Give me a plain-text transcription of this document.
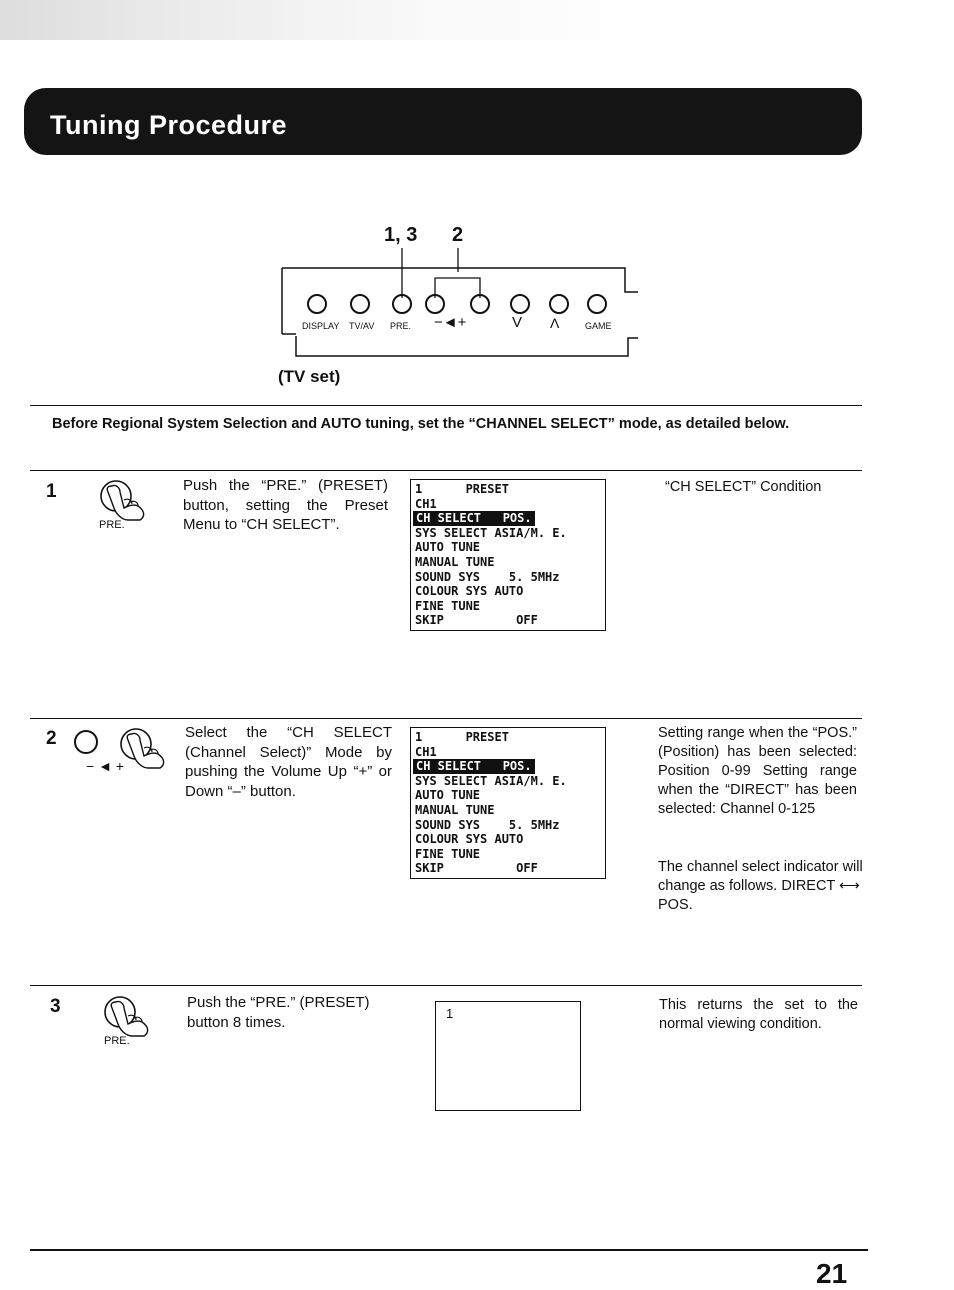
Tuning Procedure
1, 3 2
DISPLAY TV/AV PRE. −◄+	V Λ	GAME
(TV set)
Before Regional System Selection and AUTO tuning, set the “CHANNEL SELECT” mode, as detailed below.
1
PRE.
Push the “PRE.” (PRESET) button, setting the Preset Menu to “CH SELECT”.
1      PRESET
CH1
CH SELECT   POS.
SYS SELECT ASIA/M. E.
AUTO TUNE
MANUAL TUNE
SOUND SYS    5. 5MHz
COLOUR SYS AUTO
FINE TUNE
SKIP          OFF
“CH SELECT” Condition
2
− ◄ +
Select the “CH SELECT (Channel Select)” Mode by pushing the Volume Up “+” or Down “–” button.
1      PRESET
CH1
CH SELECT   POS.
SYS SELECT ASIA/M. E.
AUTO TUNE
MANUAL TUNE
SOUND SYS    5. 5MHz
COLOUR SYS AUTO
FINE TUNE
SKIP          OFF
Setting range when the “POS.” (Position) has been selected: Position 0-99 Setting range when the “DIRECT” has been selected: Channel 0-125
The channel select indicator will change as follows. DIRECT ⟷ POS.
3
PRE.
Push the “PRE.” (PRESET) button 8 times.	1
This returns the set to the normal viewing condition.
21
